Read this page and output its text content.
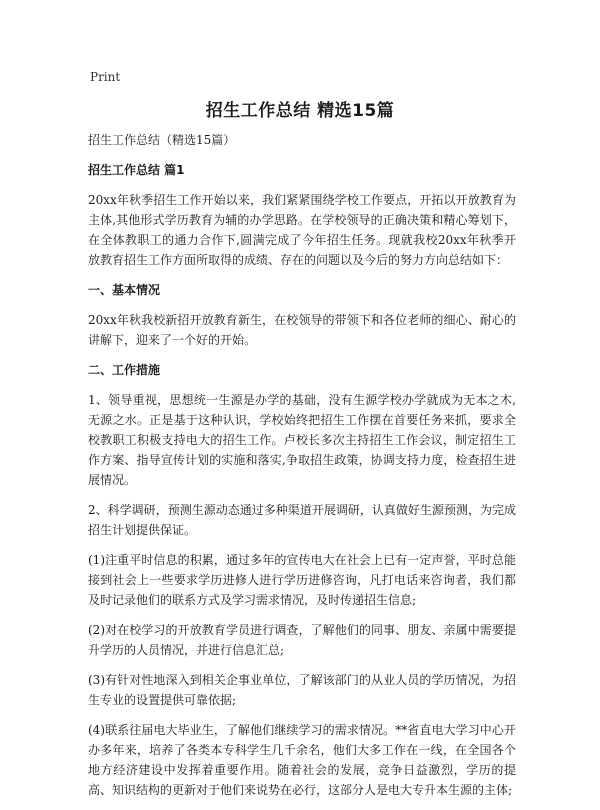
Print
招生工作总结 精选15篇

招生工作总结（精选15篇）

招生工作总结 篇1

20xx年秋季招生工作开始以来，我们紧紧围绕学校工作要点，开拓以开放教育为主体,其他形式学历教育为辅的办学思路。在学校领导的正确决策和精心筹划下，在全体教职工的通力合作下,圆满完成了今年招生任务。现就我校20xx年秋季开放教育招生工作方面所取得的成绩、存在的问题以及今后的努力方向总结如下：

一、基本情况

20xx年秋我校新招开放教育新生，在校领导的带领下和各位老师的细心、耐心的讲解下，迎来了一个好的开始。

二、工作措施

1、领导重视，思想统一生源是办学的基础，没有生源学校办学就成为无本之木,无源之水。正是基于这种认识，学校始终把招生工作摆在首要任务来抓，要求全校教职工积极支持电大的招生工作。卢校长多次主持招生工作会议，制定招生工作方案、指导宣传计划的实施和落实,争取招生政策，协调支持力度，检查招生进展情况。

2、科学调研，预测生源动态通过多种渠道开展调研，认真做好生源预测，为完成招生计划提供保证。

(1)注重平时信息的积累，通过多年的宣传电大在社会上已有一定声誉，平时总能接到社会上一些要求学历进修人进行学历进修咨询，凡打电话来咨询者，我们都及时记录他们的联系方式及学习需求情况，及时传递招生信息;

(2)对在校学习的开放教育学员进行调查，了解他们的同事、朋友、亲属中需要提升学历的人员情况，并进行信息汇总;

(3)有针对性地深入到相关企事业单位，了解该部门的从业人员的学历情况，为招生专业的设置提供可靠依据;

(4)联系往届电大毕业生，了解他们继续学习的需求情况。**省直电大学习中心开办多年来，培养了各类本专科学生几千余名，他们大多工作在一线，在全国各个地方经济建设中发挥着重要作用。随着社会的发展，竞争日益激烈，学历的提高、知识结构的更新对于他们来说势在必行，这部分人是电大专升本生源的主体;
